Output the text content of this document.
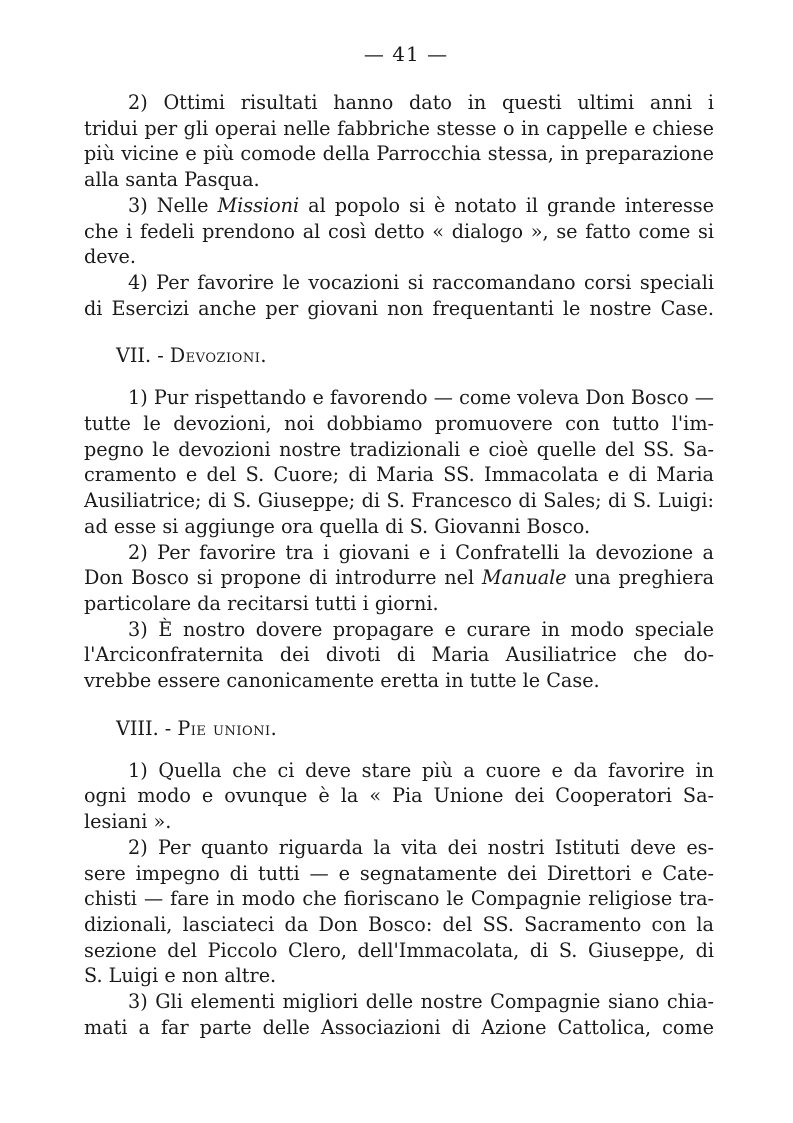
— 41 —
2) Ottimi risultati hanno dato in questi ultimi anni i
tridui per gli operai nelle fabbriche stesse o in cappelle e chiese
più vicine e più comode della Parrocchia stessa, in preparazione
alla santa Pasqua.
3) Nelle Missioni al popolo si è notato il grande interesse
che i fedeli prendono al così detto « dialogo », se fatto come si
deve.
4) Per favorire le vocazioni si raccomandano corsi speciali
di Esercizi anche per giovani non frequentanti le nostre Case.
VII. - Devozioni.
1) Pur rispettando e favorendo — come voleva Don Bosco —
tutte le devozioni, noi dobbiamo promuovere con tutto l'im-
pegno le devozioni nostre tradizionali e cioè quelle del SS. Sa-
cramento e del S. Cuore; di Maria SS. Immacolata e di Maria
Ausiliatrice; di S. Giuseppe; di S. Francesco di Sales; di S. Luigi:
ad esse si aggiunge ora quella di S. Giovanni Bosco.
2) Per favorire tra i giovani e i Confratelli la devozione a
Don Bosco si propone di introdurre nel Manuale una preghiera
particolare da recitarsi tutti i giorni.
3) È nostro dovere propagare e curare in modo speciale
l'Arciconfraternita dei divoti di Maria Ausiliatrice che do-
vrebbe essere canonicamente eretta in tutte le Case.
VIII. - Pie unioni.
1) Quella che ci deve stare più a cuore e da favorire in
ogni modo e ovunque è la « Pia Unione dei Cooperatori Sa-
lesiani ».
2) Per quanto riguarda la vita dei nostri Istituti deve es-
sere impegno di tutti — e segnatamente dei Direttori e Cate-
chisti — fare in modo che fioriscano le Compagnie religiose tra-
dizionali, lasciateci da Don Bosco: del SS. Sacramento con la
sezione del Piccolo Clero, dell'Immacolata, di S. Giuseppe, di
S. Luigi e non altre.
3) Gli elementi migliori delle nostre Compagnie siano chia-
mati a far parte delle Associazioni di Azione Cattolica, come
